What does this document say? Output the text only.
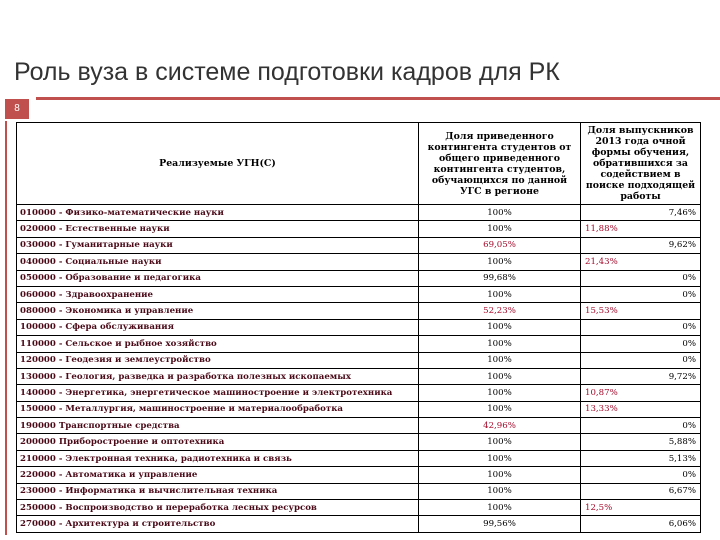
Роль вуза в системе подготовки кадров для РК
8
Реализуемые УГН(С)	Доля приведенного контингента студентов от общего приведенного контингента студентов, обучающихся по данной УГС в регионе	Доля выпускников 2013 года очной формы обучения, обратившихся за содействием в поиске подходящей работы
010000 - Физико-математические науки	100%	7,46%

020000 - Естественные науки	100%	11,88%

030000 - Гуманитарные науки	69,05%	9,62%

040000 - Социальные науки	100%	21,43%

050000 - Образование и педагогика	99,68%	0%

060000 - Здравоохранение	100%	0%

080000 - Экономика и управление	52,23%	15,53%

100000 - Сфера обслуживания	100%	0%

110000 - Сельское и рыбное хозяйство	100%	0%

120000 - Геодезия и землеустройство	100%	0%

130000 - Геология, разведка и разработка полезных ископаемых	100%	9,72%

140000 - Энергетика, энергетическое машиностроение и электротехника	100%	10,87%

150000 - Металлургия, машиностроение и материалообработка	100%	13,33%

190000 Транспортные средства	42,96%	0%

200000 Приборостроение и оптотехника	100%	5,88%

210000 - Электронная техника, радиотехника и связь	100%	5,13%

220000 - Автоматика и управление	100%	0%

230000 - Информатика и вычислительная техника	100%	6,67%

250000 - Воспроизводство и переработка лесных ресурсов	100%	12,5%

270000 - Архитектура и строительство	99,56%	6,06%
